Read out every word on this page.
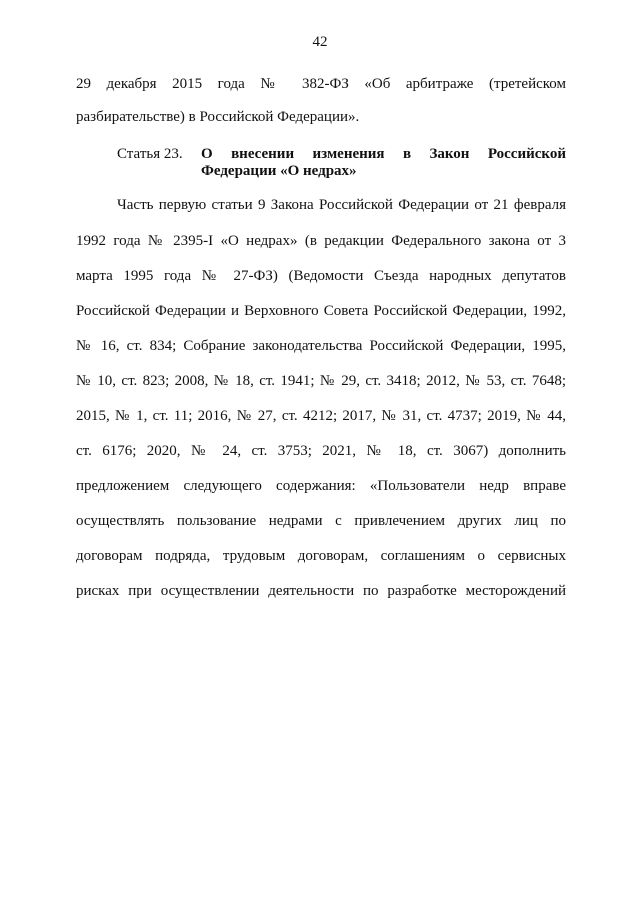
42
29 декабря 2015 года № 382-ФЗ «Об арбитраже (третейском
разбирательстве) в Российской Федерации».
Статья 23. О внесении изменения в Закон Российской
Федерации «О недрах»
Часть первую статьи 9 Закона Российской Федерации от 21 февраля
1992 года № 2395-I «О недрах» (в редакции Федерального закона от 3
марта 1995 года № 27-ФЗ) (Ведомости Съезда народных депутатов
Российской Федерации и Верховного Совета Российской Федерации, 1992,
№ 16, ст. 834; Собрание законодательства Российской Федерации, 1995,
№ 10, ст. 823; 2008, № 18, ст. 1941; № 29, ст. 3418; 2012, № 53, ст. 7648;
2015, № 1, ст. 11; 2016, № 27, ст. 4212; 2017, № 31, ст. 4737; 2019, № 44,
ст. 6176; 2020, № 24, ст. 3753; 2021, № 18, ст. 3067) дополнить
предложением следующего содержания: «Пользователи недр вправе
осуществлять пользование недрами с привлечением других лиц по
договорам подряда, трудовым договорам, соглашениям о сервисных
рисках при осуществлении деятельности по разработке месторождений
